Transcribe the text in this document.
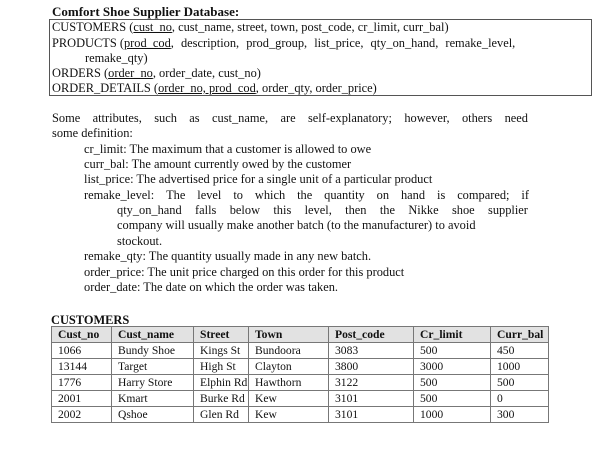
Comfort Shoe Supplier Database:
CUSTOMERS (cust_no, cust_name, street, town, post_code, cr_limit, curr_bal)
PRODUCTS (prod_cod, description, prod_group, list_price, qty_on_hand, remake_level,
remake_qty)
ORDERS (order_no, order_date, cust_no)
ORDER_DETAILS (order_no, prod_cod, order_qty, order_price)
Some attributes, such as cust_name, are self-explanatory; however, others need
some definition:
cr_limit: The maximum that a customer is allowed to owe
curr_bal: The amount currently owed by the customer
list_price: The advertised price for a single unit of a particular product
remake_level: The level to which the quantity on hand is compared; if
qty_on_hand falls below this level, then the Nikke shoe supplier
company will usually make another batch (to the manufacturer) to avoid
stockout.
remake_qty: The quantity usually made in any new batch.
order_price: The unit price charged on this order for this product
order_date: The date on which the order was taken.
CUSTOMERS
Cust_no	Cust_name	Street	Town	Post_code	Cr_limit	Curr_bal
1066	Bundy Shoe	Kings St	Bundoora	3083	500	450
13144	Target	High St	Clayton	3800	3000	1000
1776	Harry Store	Elphin Rd	Hawthorn	3122	500	500
2001	Kmart	Burke Rd	Kew	3101	500	0
2002	Qshoe	Glen Rd	Kew	3101	1000	300
